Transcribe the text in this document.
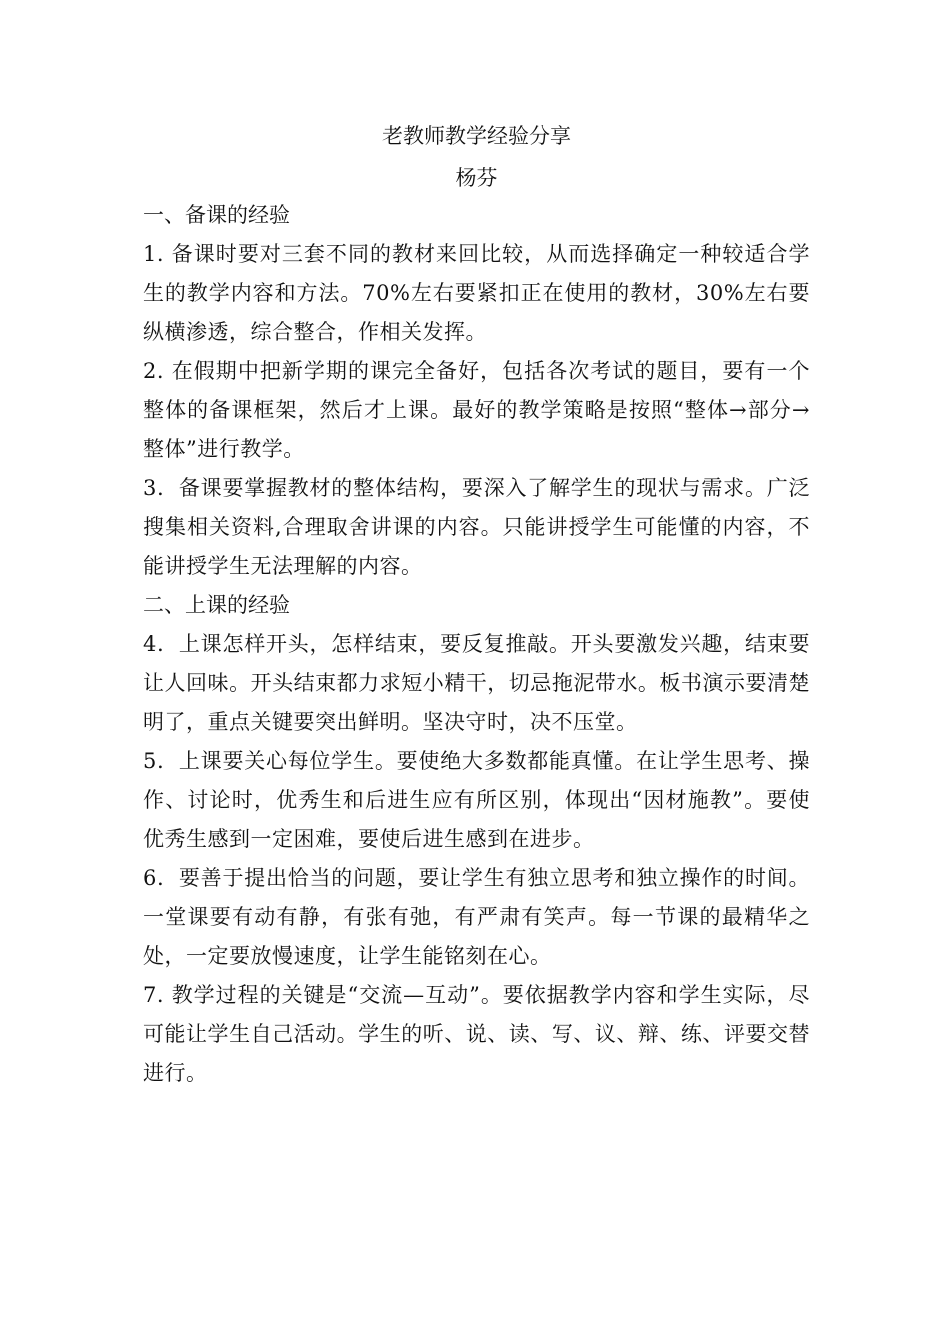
老教师教学经验分享
杨芬
一、备课的经验

1. 备课时要对三套不同的教材来回比较，从而选择确定一种较适合学生的教学内容和方法。70%左右要紧扣正在使用的教材，30%左右要纵横渗透，综合整合，作相关发挥。

2. 在假期中把新学期的课完全备好，包括各次考试的题目，要有一个整体的备课框架，然后才上课。最好的教学策略是按照“整体→部分→整体”进行教学。

3．备课要掌握教材的整体结构，要深入了解学生的现状与需求。广泛搜集相关资料,合理取舍讲课的内容。只能讲授学生可能懂的内容，不能讲授学生无法理解的内容。

二、上课的经验

4．上课怎样开头，怎样结束，要反复推敲。开头要激发兴趣，结束要让人回味。开头结束都力求短小精干，切忌拖泥带水。板书演示要清楚明了，重点关键要突出鲜明。坚决守时，决不压堂。

5．上课要关心每位学生。要使绝大多数都能真懂。在让学生思考、操作、讨论时，优秀生和后进生应有所区别，体现出“因材施教”。要使优秀生感到一定困难，要使后进生感到在进步。

6．要善于提出恰当的问题，要让学生有独立思考和独立操作的时间。一堂课要有动有静，有张有弛，有严肃有笑声。每一节课的最精华之处，一定要放慢速度，让学生能铭刻在心。

7. 教学过程的关键是“交流—互动”。要依据教学内容和学生实际，尽可能让学生自己活动。学生的听、说、读、写、议、辩、练、评要交替进行。
